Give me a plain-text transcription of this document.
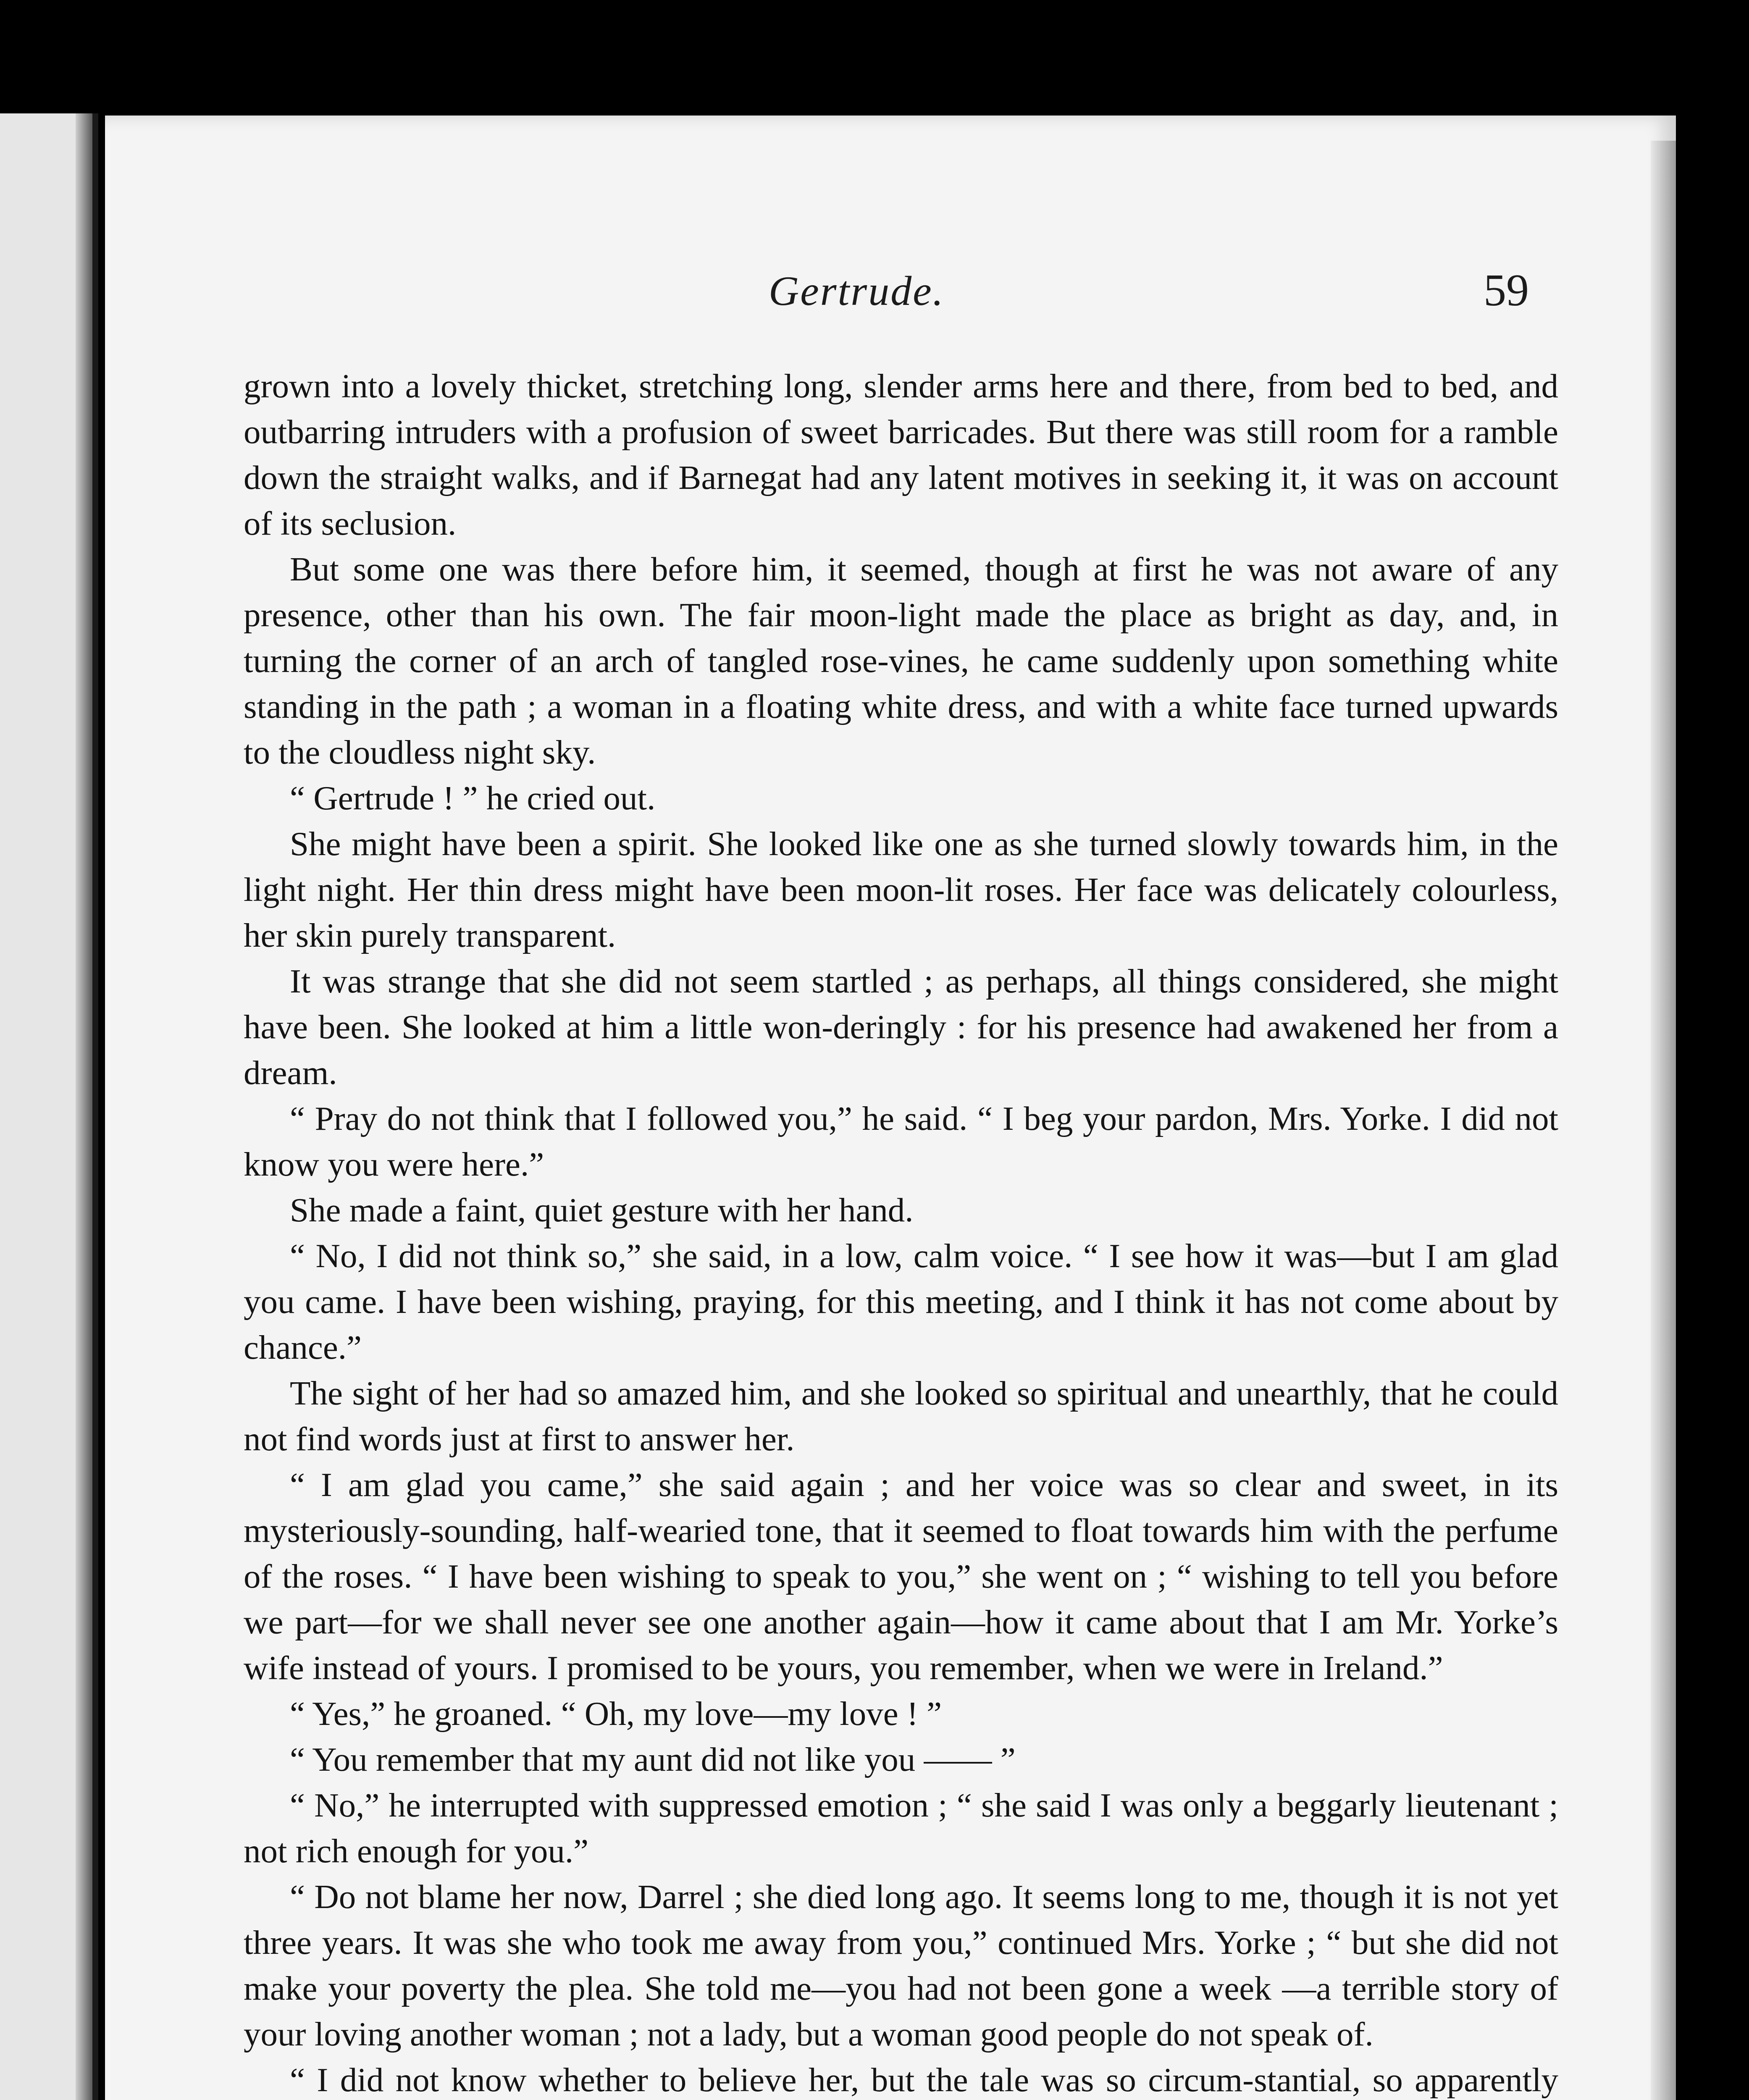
Gertrude.	59

grown into a lovely thicket, stretching long, slender arms here and there, from bed to bed, and outbarring intruders with a profusion of sweet barricades. But there was still room for a ramble down the straight walks, and if Barnegat had any latent motives in seeking it, it was on account of its seclusion.

But some one was there before him, it seemed, though at first he was not aware of any presence, other than his own. The fair moon-light made the place as bright as day, and, in turning the corner of an arch of tangled rose-vines, he came suddenly upon something white standing in the path ; a woman in a floating white dress, and with a white face turned upwards to the cloudless night sky.

“ Gertrude ! ” he cried out.

She might have been a spirit. She looked like one as she turned slowly towards him, in the light night. Her thin dress might have been moon-lit roses. Her face was delicately colourless, her skin purely transparent.

It was strange that she did not seem startled ; as perhaps, all things considered, she might have been. She looked at him a little won-deringly : for his presence had awakened her from a dream.

“ Pray do not think that I followed you,” he said. “ I beg your pardon, Mrs. Yorke. I did not know you were here.”

She made a faint, quiet gesture with her hand.

“ No, I did not think so,” she said, in a low, calm voice. “ I see how it was—but I am glad you came. I have been wishing, praying, for this meeting, and I think it has not come about by chance.”

The sight of her had so amazed him, and she looked so spiritual and unearthly, that he could not find words just at first to answer her.

“ I am glad you came,” she said again ; and her voice was so clear and sweet, in its mysteriously-sounding, half-wearied tone, that it seemed to float towards him with the perfume of the roses. “ I have been wishing to speak to you,” she went on ; “ wishing to tell you before we part—for we shall never see one another again—how it came about that I am Mr. Yorke’s wife instead of yours. I promised to be yours, you remember, when we were in Ireland.”

“ Yes,” he groaned. “ Oh, my love—my love ! ”

“ You remember that my aunt did not like you —— ”

“ No,” he interrupted with suppressed emotion ; “ she said I was only a beggarly lieutenant ; not rich enough for you.”

“ Do not blame her now, Darrel ; she died long ago. It seems long to me, though it is not yet three years. It was she who took me away from you,” continued Mrs. Yorke ; “ but she did not make your poverty the plea. She told me—you had not been gone a week —a terrible story of your loving another woman ; not a lady, but a woman good people do not speak of.

“ I did not know whether to believe her, but the tale was so circum-stantial, so apparently
